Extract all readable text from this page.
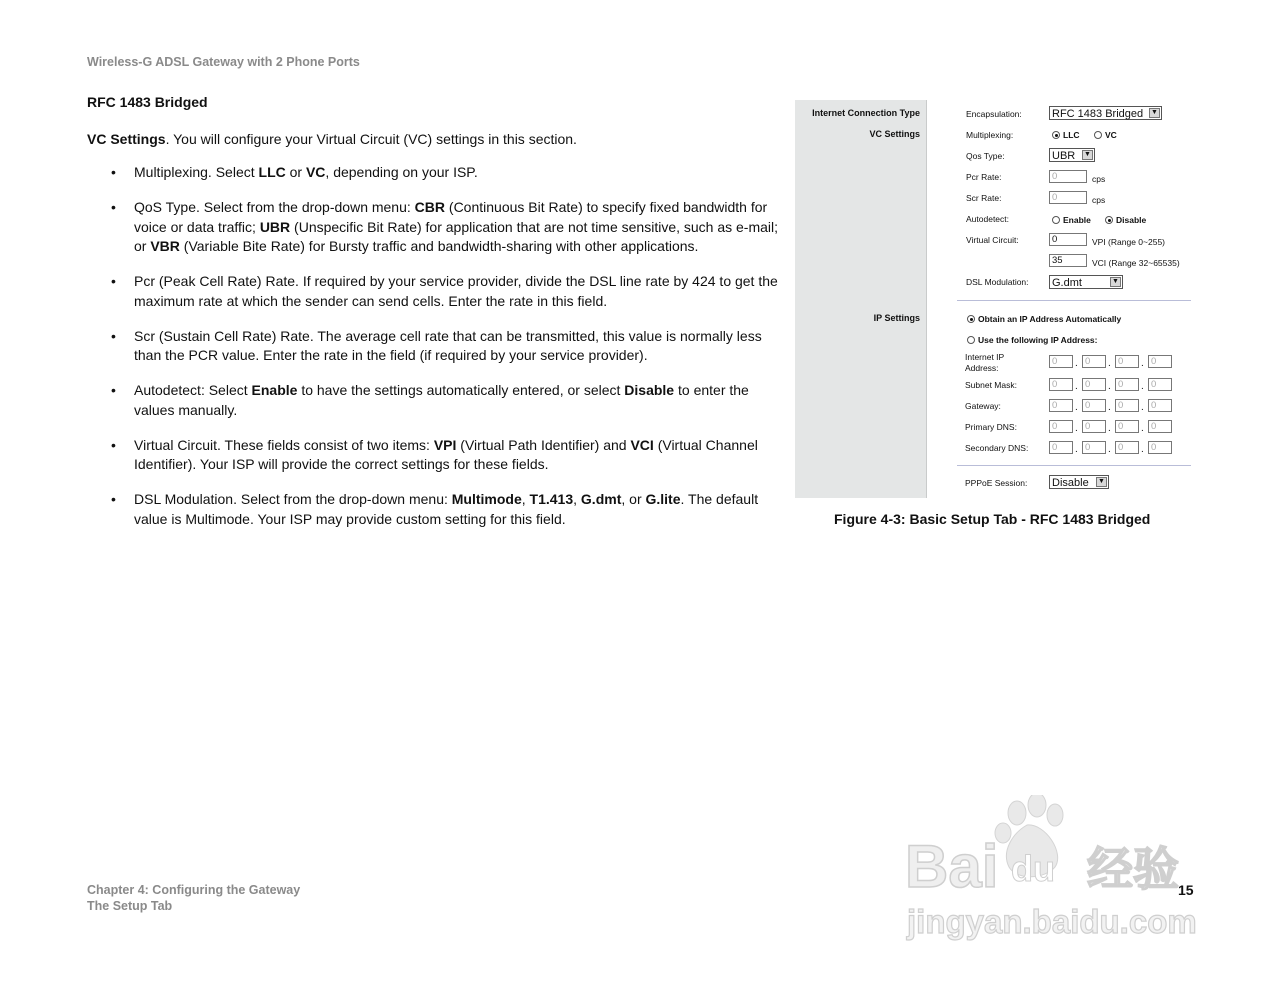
Wireless-G ADSL Gateway with 2 Phone Ports
RFC 1483 Bridged
VC Settings. You will configure your Virtual Circuit (VC) settings in this section.
• Multiplexing. Select LLC or VC, depending on your ISP.
• QoS Type. Select from the drop-down menu: CBR (Continuous Bit Rate) to specify fixed bandwidth for voice or data traffic; UBR (Unspecific Bit Rate) for application that are not time sensitive, such as e-mail; or VBR (Variable Bite Rate) for Bursty traffic and bandwidth-sharing with other applications.
• Pcr (Peak Cell Rate) Rate. If required by your service provider, divide the DSL line rate by 424 to get the maximum rate at which the sender can send cells. Enter the rate in this field.
• Scr (Sustain Cell Rate) Rate. The average cell rate that can be transmitted, this value is normally less than the PCR value. Enter the rate in the field (if required by your service provider).
• Autodetect: Select Enable to have the settings automatically entered, or select Disable to enter the values manually.
• Virtual Circuit. These fields consist of two items: VPI (Virtual Path Identifier) and VCI (Virtual Channel Identifier). Your ISP will provide the correct settings for these fields.
• DSL Modulation. Select from the drop-down menu: Multimode, T1.413, G.dmt, or G.lite. The default value is Multimode. Your ISP may provide custom setting for this field.
Internet Connection Type
VC Settings
IP Settings
Encapsulation:	RFC 1483 Bridged ▼
Multiplexing:	LLC	VC
Qos Type:	UBR ▼
Pcr Rate:	0	cps
Scr Rate:	0	cps
Autodetect:	Enable	Disable
Virtual Circuit:	0	VPI (Range 0~255)
35	VCI (Range 32~65535)
DSL Modulation: G.dmt	▼
Obtain an IP Address Automatically
Use the following IP Address:
Internet IP
Address:
0	. 0	. 0	. 0
Subnet Mask:	0	. 0	. 0	. 0
Gateway:	0	. 0	. 0	. 0
Primary DNS:	0	. 0	. 0	. 0
Secondary DNS:	0	. 0	. 0	. 0
PPPoE Session: Disable ▼
Figure 4-3: Basic Setup Tab - RFC 1483 Bridged
Chapter 4: Configuring the Gateway
The Setup Tab
15
Bai du 经验
jingyan.baidu.com
